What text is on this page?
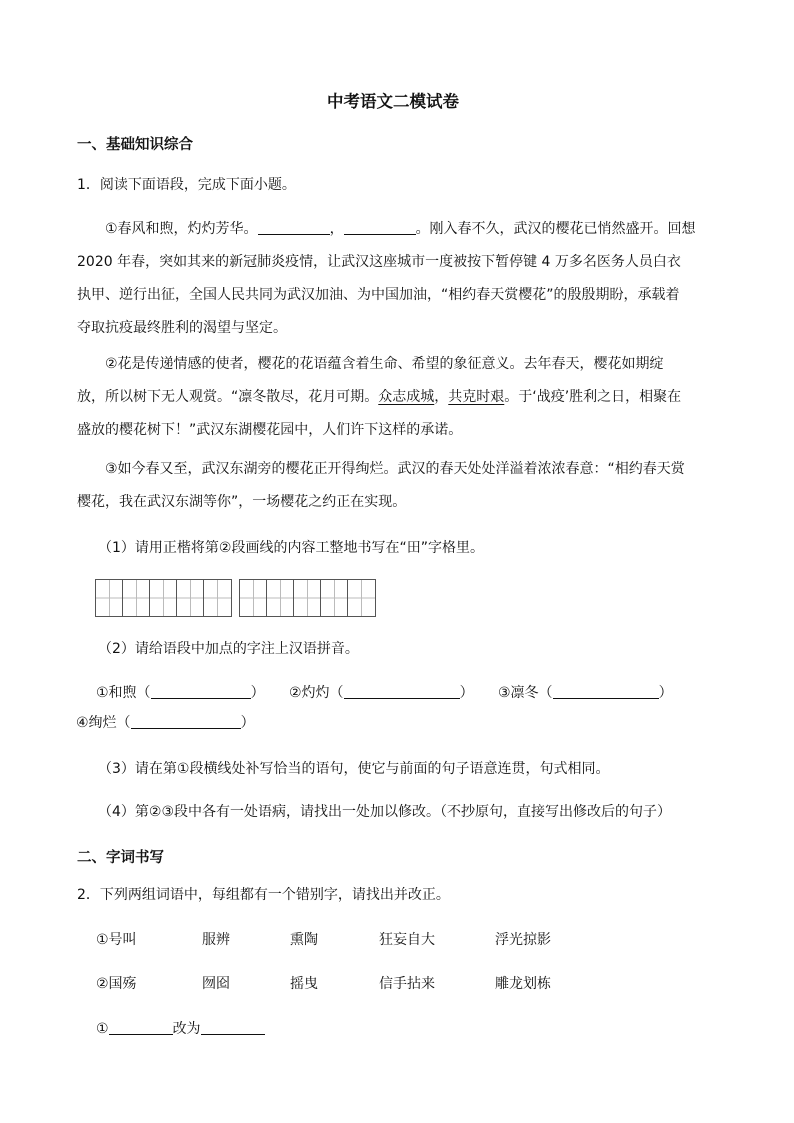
中考语文二模试卷
一、基础知识综合
1．阅读下面语段，完成下面小题。
①春风和煦，灼灼芳华。	，	。刚入春不久，武汉的樱花已悄然盛开。回想
2020 年春，突如其来的新冠肺炎疫情，让武汉这座城市一度被按下暂停键 4 万多名医务人员白衣
执甲、逆行出征，全国人民共同为武汉加油、为中国加油，“相约春天赏樱花”的殷殷期盼，承载着
夺取抗疫最终胜利的渴望与坚定。
②花是传递情感的使者，樱花的花语蕴含着生命、希望的象征意义。去年春天，樱花如期绽
放，所以树下无人观赏。“凛冬散尽，花月可期。众志成城，共克时艰。于‘战疫’胜利之日，相聚在
盛放的樱花树下！”武汉东湖樱花园中，人们许下这样的承诺。
③如今春又至，武汉东湖旁的樱花正开得绚烂。武汉的春天处处洋溢着浓浓春意：“相约春天赏
樱花，我在武汉东湖等你”，一场樱花之约正在实现。
（1）请用正楷将第②段画线的内容工整地书写在“田”字格里。
（2）请给语段中加点的字注上汉语拼音。
①和煦（	） ②灼灼（	） ③凛冬（	）
④绚烂（	）
（3）请在第①段横线处补写恰当的语句，使它与前面的句子语意连贯，句式相同。
（4）第②③段中各有一处语病，请找出一处加以修改。（不抄原句，直接写出修改后的句子）
二、字词书写
2．下列两组词语中，每组都有一个错别字，请找出并改正。
①号叫	服辨	熏陶	狂妄自大	浮光掠影
②国殇	囫囵	摇曳	信手拈来	雕龙划栋
①	改为
